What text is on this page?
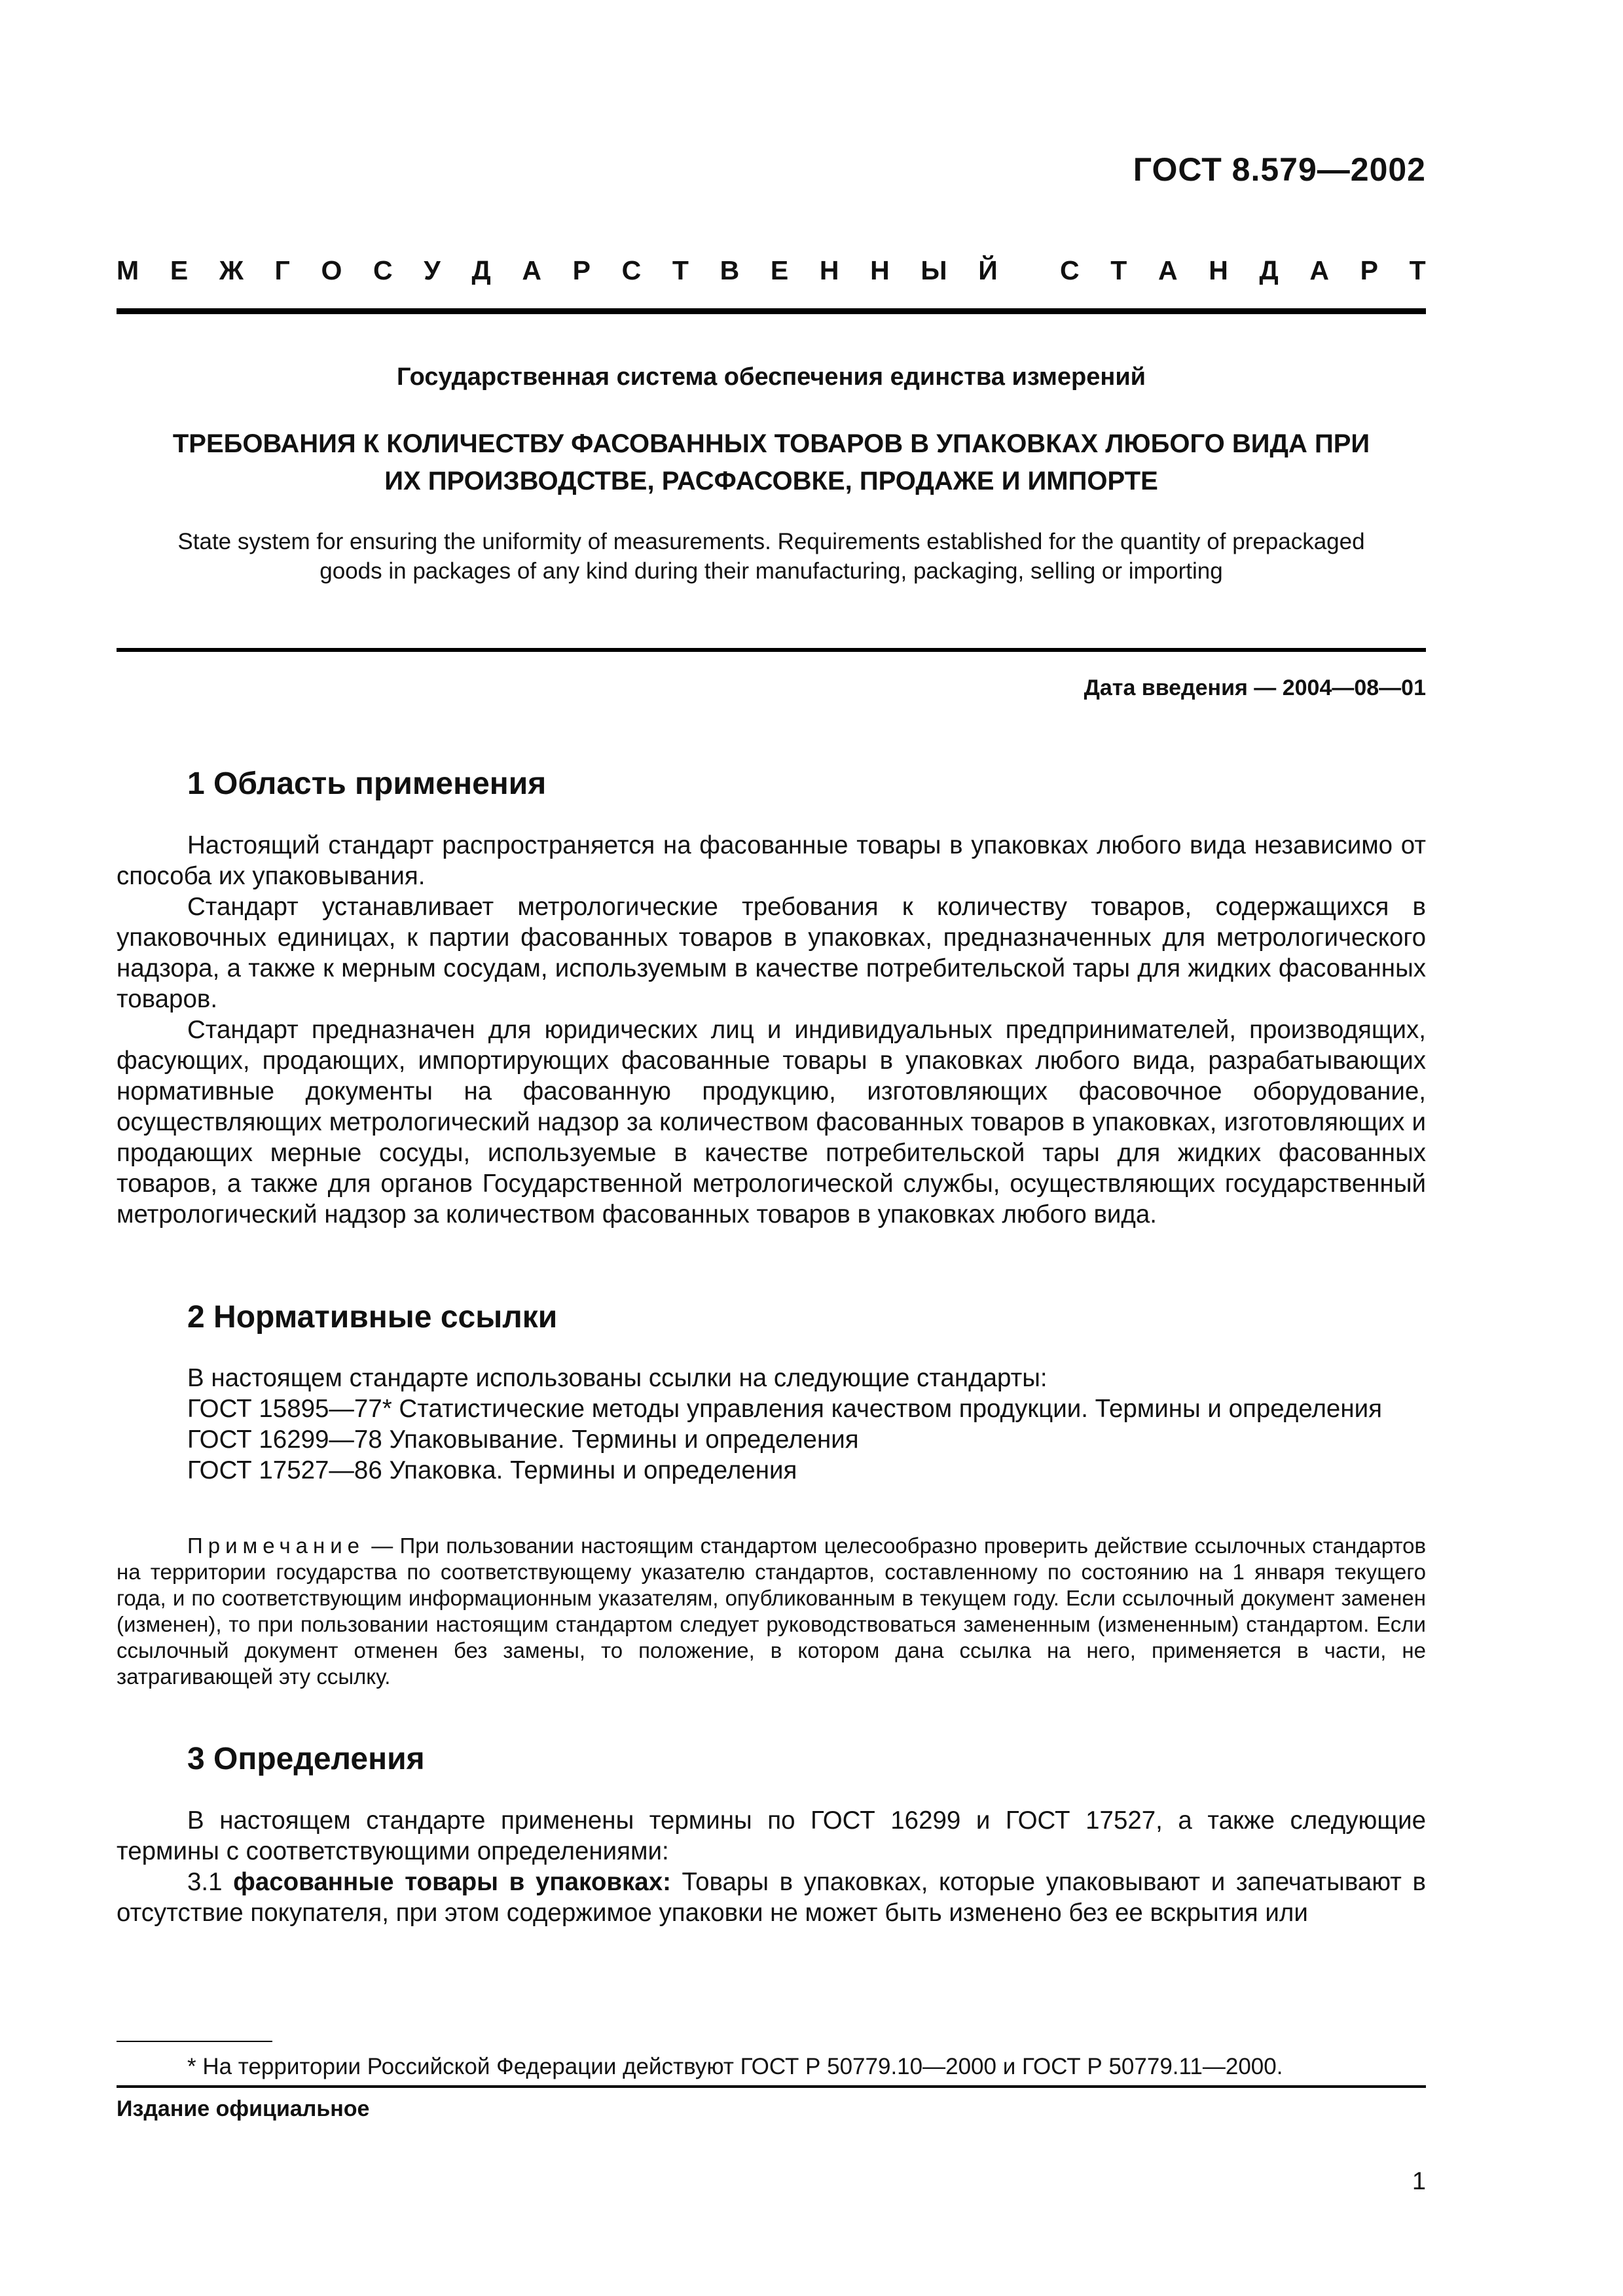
ГОСТ 8.579—2002
М Е Ж Г О С У Д А Р С Т В Е Н Н Ы Й С Т А Н Д А Р Т
Государственная система обеспечения единства измерений
ТРЕБОВАНИЯ К КОЛИЧЕСТВУ ФАСОВАННЫХ ТОВАРОВ В УПАКОВКАХ ЛЮБОГО ВИДА ПРИ
ИХ ПРОИЗВОДСТВЕ, РАСФАСОВКЕ, ПРОДАЖЕ И ИМПОРТЕ
State system for ensuring the uniformity of measurements. Requirements established for the quantity of prepackaged
goods in packages of any kind during their manufacturing, packaging, selling or importing
Дата введения — 2004—08—01
1 Область применения

Настоящий стандарт распространяется на фасованные товары в упаковках любого вида независимо от способа их упаковывания.

Стандарт устанавливает метрологические требования к количеству товаров, содержащихся в упаковочных единицах, к партии фасованных товаров в упаковках, предназначенных для метрологического надзора, а также к мерным сосудам, используемым в качестве потребительской тары для жидких фасованных товаров.

Стандарт предназначен для юридических лиц и индивидуальных предпринимателей, производящих, фасующих, продающих, импортирующих фасованные товары в упаковках любого вида, разрабатывающих нормативные документы на фасованную продукцию, изготовляющих фасовочное оборудование, осуществляющих метрологический надзор за количеством фасованных товаров в упаковках, изготовляющих и продающих мерные сосуды, используемые в качестве потребительской тары для жидких фасованных товаров, а также для органов Государственной метрологической службы, осуществляющих государственный метрологический надзор за количеством фасованных товаров в упаковках любого вида.

2 Нормативные ссылки

В настоящем стандарте использованы ссылки на следующие стандарты:

ГОСТ 15895—77* Статистические методы управления качеством продукции. Термины и определения

ГОСТ 16299—78 Упаковывание. Термины и определения

ГОСТ 17527—86 Упаковка. Термины и определения

Примечание — При пользовании настоящим стандартом целесообразно проверить действие ссылочных стандартов на территории государства по соответствующему указателю стандартов, составленному по состоянию на 1 января текущего года, и по соответствующим информационным указателям, опубликованным в текущем году. Если ссылочный документ заменен (изменен), то при пользовании настоящим стандартом следует руководствоваться замененным (измененным) стандартом. Если ссылочный документ отменен без замены, то положение, в котором дана ссылка на него, применяется в части, не затрагивающей эту ссылку.

3 Определения

В настоящем стандарте применены термины по ГОСТ 16299 и ГОСТ 17527, а также следующие термины с соответствующими определениями:

3.1 фасованные товары в упаковках: Товары в упаковках, которые упаковывают и запечатывают в отсутствие покупателя, при этом содержимое упаковки не может быть изменено без ее вскрытия или

* На территории Российской Федерации действуют ГОСТ Р 50779.10—2000 и ГОСТ Р 50779.11—2000.
Издание официальное
1
